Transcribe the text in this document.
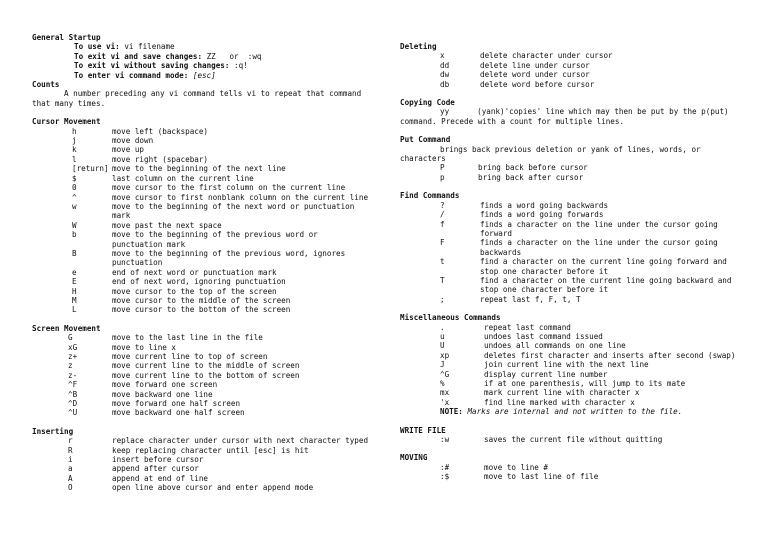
General Startup
To use vi : vi filename
To exit vi and save changes : ZZ   or  :wq
To exit vi without saving changes : :q!
To enter vi command mode : [esc]
Counts
A number preceding any vi command tells vi to repeat that command that many times.
Cursor Movement
h	move left (backspace)
j	move down
k	move up
l	move right (spacebar)
[return] move to the beginning of the next line
$	last column on the current line
0	move cursor to the first column on the current line
^	move cursor to first nonblank column on the current line
w	move to the beginning of the next word or punctuation mark
W	move past the next space
b	move to the beginning of the previous word or punctuation mark
B	move to the beginning of the previous word, ignores punctuation
e	end of next word or punctuation mark
E	end of next word, ignoring punctuation
H	move cursor to the top of the screen
M	move cursor to the middle of the screen
L	move cursor to the bottom of the screen
Screen Movement
G	move to the last line in the file
xG	move to line x
z+	move current line to top of screen
z	move current line to the middle of screen
z-	move current line to the bottom of screen
^F	move forward one screen
^B	move backward one line
^D	move forward one half screen
^U	move backward one half screen
Inserting
r	replace character under cursor with next character typed
R	keep replacing character until [esc] is hit
i	insert before cursor
a	append after cursor
A	append at end of line
O	open line above cursor and enter append mode
Deleting
x	delete character under cursor
dd	delete line under cursor
dw	delete word under cursor
db	delete word before cursor
Copying Code
yy	(yank)'copies' line which may then be put by the p(put) command. Precede with a count for multiple lines.
Put Command
brings back previous deletion or yank of lines, words, or characters
P	bring back before cursor
p	bring back after cursor
Find Commands
?	finds a word going backwards
/	finds a word going forwards
f	finds a character on the line under the cursor going forward
F	finds a character on the line under the cursor going backwards
t	find a character on the current line going forward and stop one character before it
T	find a character on the current line going backward and stop one character before it
;	repeat last f, F, t, T
Miscellaneous Commands
.	repeat last command
u	undoes last command issued
U	undoes all commands on one line
xp	deletes first character and inserts after second (swap)
J	join current line with the next line
^G	display current line number
%	if at one parenthesis, will jump to its mate
mx	mark current line with character x
'x	find line marked with character x
NOTE : Marks are internal and not written to the file.
WRITE FILE
:w	saves the current file without quitting
MOVING
:#	move to line #
:$	move to last line of file
